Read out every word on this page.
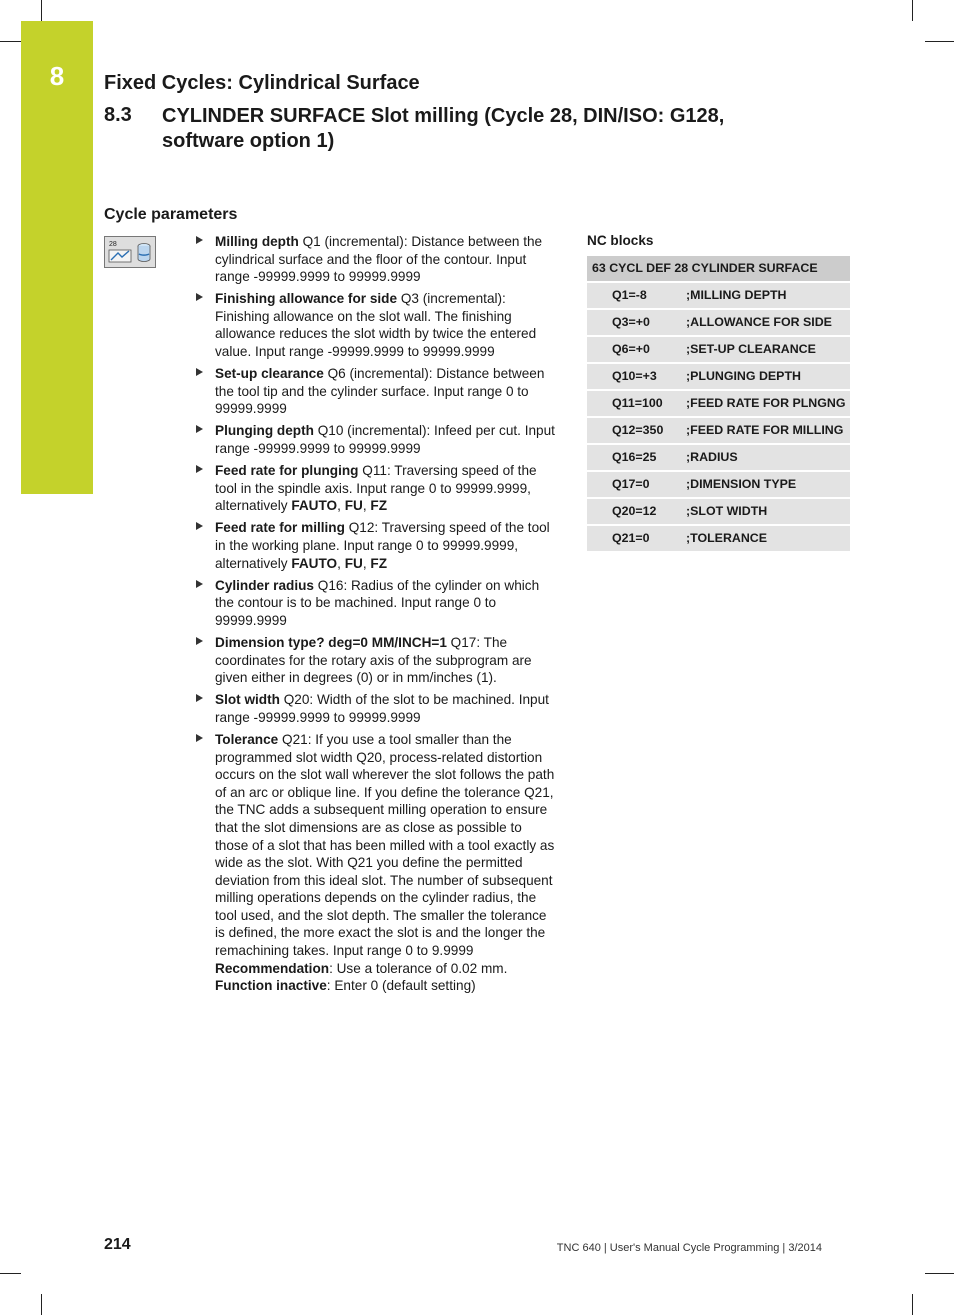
8	Fixed Cycles: Cylindrical Surface
8.3 CYLINDER SURFACE Slot milling (Cycle 28, DIN/ISO: G128, software option 1)
Cycle parameters
28	Milling depth Q1 (incremental): Distance between the cylindrical surface and the floor of the contour. Input range -99999.9999 to 99999.9999
Finishing allowance for side Q3 (incremental): Finishing allowance on the slot wall. The finishing allowance reduces the slot width by twice the entered value. Input range -99999.9999 to 99999.9999
Set-up clearance Q6 (incremental): Distance between the tool tip and the cylinder surface. Input range 0 to 99999.9999
Plunging depth Q10 (incremental): Infeed per cut. Input range -99999.9999 to 99999.9999
Feed rate for plunging Q11: Traversing speed of the tool in the spindle axis. Input range 0 to 99999.9999, alternatively FAUTO, FU, FZ
Feed rate for milling Q12: Traversing speed of the tool in the working plane. Input range 0 to 99999.9999, alternatively FAUTO, FU, FZ
Cylinder radius Q16: Radius of the cylinder on which the contour is to be machined. Input range 0 to 99999.9999
Dimension type? deg=0 MM/INCH=1 Q17: The coordinates for the rotary axis of the subprogram are given either in degrees (0) or in mm/inches (1).
Slot width Q20: Width of the slot to be machined. Input range -99999.9999 to 99999.9999
Tolerance Q21: If you use a tool smaller than the programmed slot width Q20, process-related distortion occurs on the slot wall wherever the slot follows the path of an arc or oblique line. If you define the tolerance Q21, the TNC adds a subsequent milling operation to ensure that the slot dimensions are as close as possible to those of a slot that has been milled with a tool exactly as wide as the slot. With Q21 you define the permitted deviation from this ideal slot. The number of subsequent milling operations depends on the cylinder radius, the tool used, and the slot depth. The smaller the tolerance is defined, the more exact the slot is and the longer the remachining takes. Input range 0 to 9.9999
Recommendation: Use a tolerance of 0.02 mm.
Function inactive: Enter 0 (default setting)
NC blocks
63 CYCL DEF 28 CYLINDER SURFACE	
Q1=-8	;MILLING DEPTH
Q3=+0	;ALLOWANCE FOR SIDE
Q6=+0	;SET-UP CLEARANCE
Q10=+3	;PLUNGING DEPTH
Q11=100	;FEED RATE FOR PLNGNG
Q12=350	;FEED RATE FOR MILLING
Q16=25	;RADIUS
Q17=0	;DIMENSION TYPE
Q20=12	;SLOT WIDTH
Q21=0	;TOLERANCE
214	TNC 640 | User's Manual Cycle Programming | 3/2014
